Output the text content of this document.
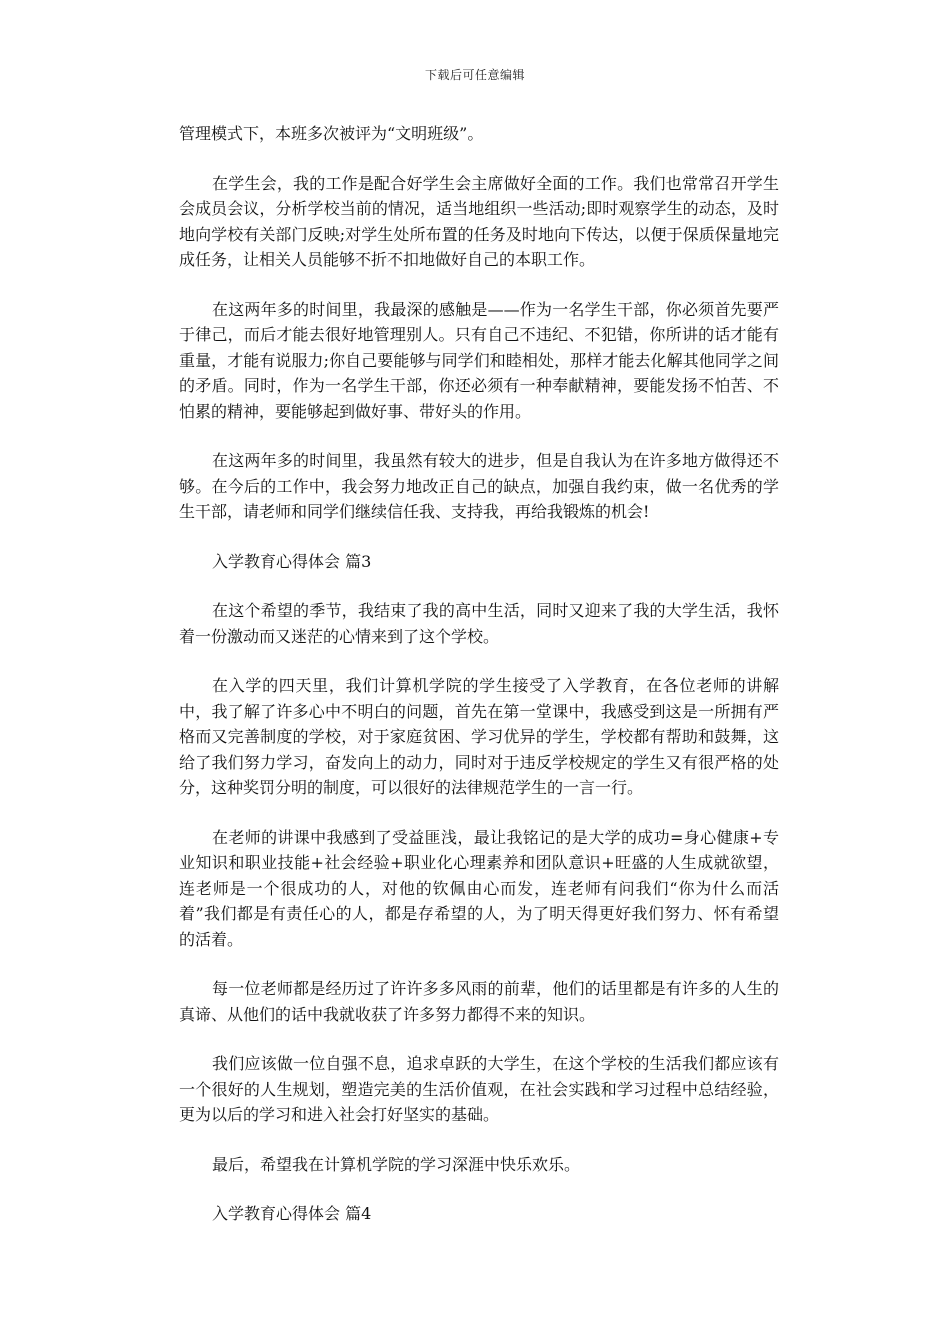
下载后可任意编辑

管理模式下，本班多次被评为“文明班级”。

在学生会，我的工作是配合好学生会主席做好全面的工作。我们也常常召开学生会成员会议，分析学校当前的情况，适当地组织一些活动;即时观察学生的动态，及时地向学校有关部门反映;对学生处所布置的任务及时地向下传达，以便于保质保量地完成任务，让相关人员能够不折不扣地做好自己的本职工作。

在这两年多的时间里，我最深的感触是——作为一名学生干部，你必须首先要严于律己，而后才能去很好地管理别人。只有自己不违纪、不犯错，你所讲的话才能有重量，才能有说服力;你自己要能够与同学们和睦相处，那样才能去化解其他同学之间的矛盾。同时，作为一名学生干部，你还必须有一种奉献精神，要能发扬不怕苦、不怕累的精神，要能够起到做好事、带好头的作用。

在这两年多的时间里，我虽然有较大的进步，但是自我认为在许多地方做得还不够。在今后的工作中，我会努力地改正自己的缺点，加强自我约束，做一名优秀的学生干部，请老师和同学们继续信任我、支持我，再给我锻炼的机会!

入学教育心得体会 篇3

在这个希望的季节，我结束了我的高中生活，同时又迎来了我的大学生活，我怀着一份激动而又迷茫的心情来到了这个学校。

在入学的四天里，我们计算机学院的学生接受了入学教育，在各位老师的讲解中，我了解了许多心中不明白的问题，首先在第一堂课中，我感受到这是一所拥有严格而又完善制度的学校，对于家庭贫困、学习优异的学生，学校都有帮助和鼓舞，这给了我们努力学习，奋发向上的动力，同时对于违反学校规定的学生又有很严格的处分，这种奖罚分明的制度，可以很好的法律规范学生的一言一行。

在老师的讲课中我感到了受益匪浅，最让我铭记的是大学的成功=身心健康+专业知识和职业技能+社会经验+职业化心理素养和团队意识+旺盛的人生成就欲望，连老师是一个很成功的人，对他的钦佩由心而发，连老师有问我们“你为什么而活着”我们都是有责任心的人，都是存希望的人，为了明天得更好我们努力、怀有希望的活着。

每一位老师都是经历过了许许多多风雨的前辈，他们的话里都是有许多的人生的真谛、从他们的话中我就收获了许多努力都得不来的知识。

我们应该做一位自强不息，追求卓跃的大学生，在这个学校的生活我们都应该有一个很好的人生规划，塑造完美的生活价值观，在社会实践和学习过程中总结经验，更为以后的学习和进入社会打好坚实的基础。

最后，希望我在计算机学院的学习深涯中快乐欢乐。

入学教育心得体会 篇4
